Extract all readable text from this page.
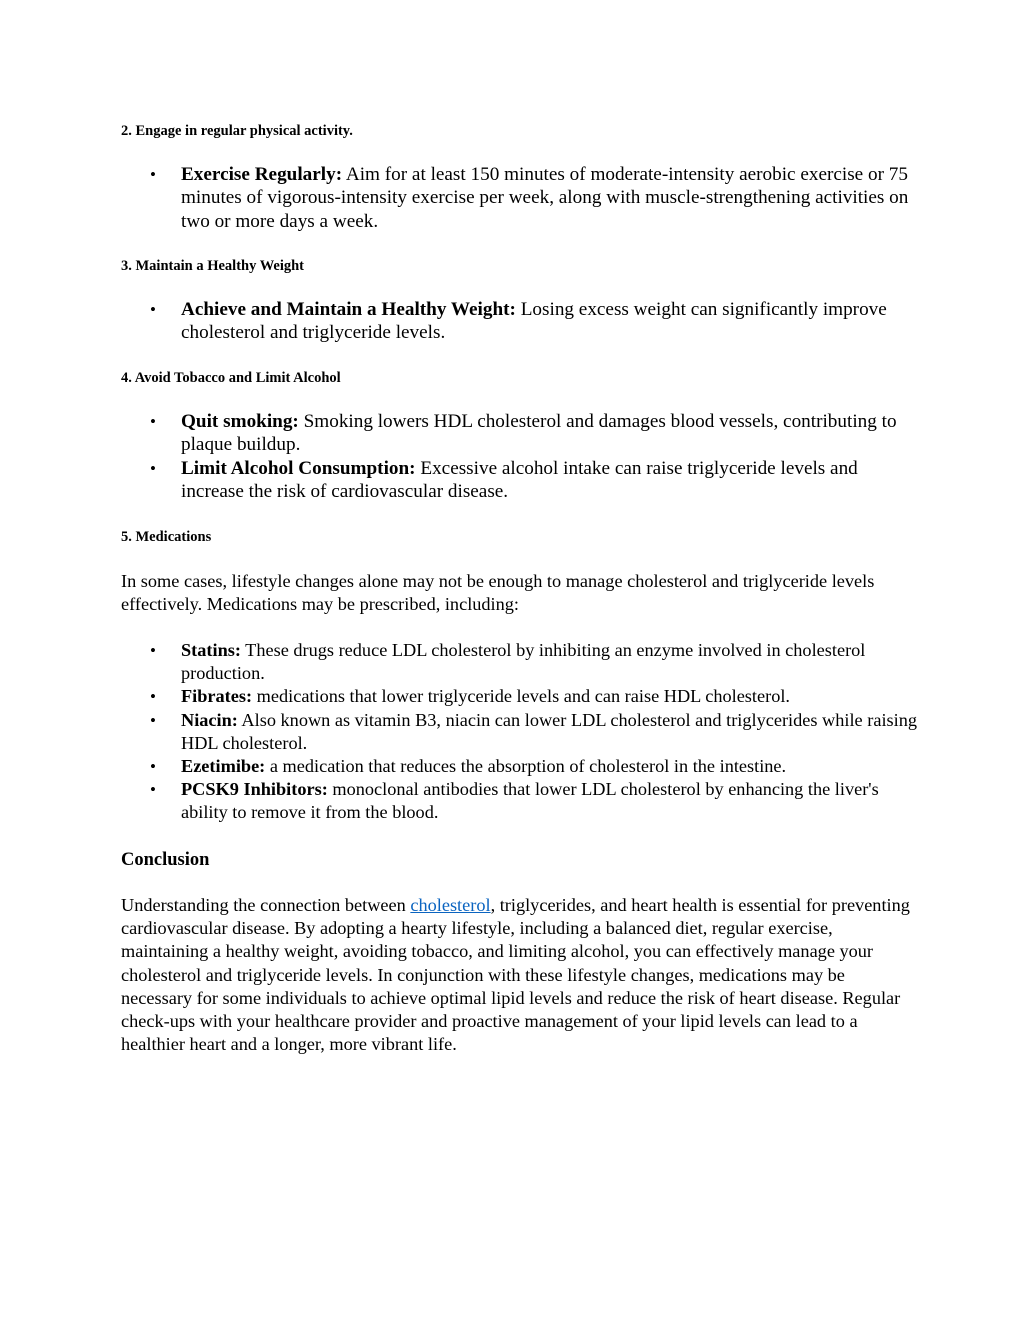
2. Engage in regular physical activity.

• Exercise Regularly: Aim for at least 150 minutes of moderate-intensity aerobic exercise or 75 minutes of vigorous-intensity exercise per week, along with muscle-strengthening activities on two or more days a week.

3. Maintain a Healthy Weight

• Achieve and Maintain a Healthy Weight: Losing excess weight can significantly improve cholesterol and triglyceride levels.

4. Avoid Tobacco and Limit Alcohol

• Quit smoking: Smoking lowers HDL cholesterol and damages blood vessels, contributing to plaque buildup.
• Limit Alcohol Consumption: Excessive alcohol intake can raise triglyceride levels and increase the risk of cardiovascular disease.

5. Medications

In some cases, lifestyle changes alone may not be enough to manage cholesterol and triglyceride levels effectively. Medications may be prescribed, including:

• Statins: These drugs reduce LDL cholesterol by inhibiting an enzyme involved in cholesterol production.
• Fibrates: medications that lower triglyceride levels and can raise HDL cholesterol.
• Niacin: Also known as vitamin B3, niacin can lower LDL cholesterol and triglycerides while raising HDL cholesterol.
• Ezetimibe: a medication that reduces the absorption of cholesterol in the intestine.
• PCSK9 Inhibitors: monoclonal antibodies that lower LDL cholesterol by enhancing the liver's ability to remove it from the blood.

Conclusion

Understanding the connection between cholesterol, triglycerides, and heart health is essential for preventing cardiovascular disease. By adopting a hearty lifestyle, including a balanced diet, regular exercise, maintaining a healthy weight, avoiding tobacco, and limiting alcohol, you can effectively manage your cholesterol and triglyceride levels. In conjunction with these lifestyle changes, medications may be necessary for some individuals to achieve optimal lipid levels and reduce the risk of heart disease. Regular check-ups with your healthcare provider and proactive management of your lipid levels can lead to a healthier heart and a longer, more vibrant life.
